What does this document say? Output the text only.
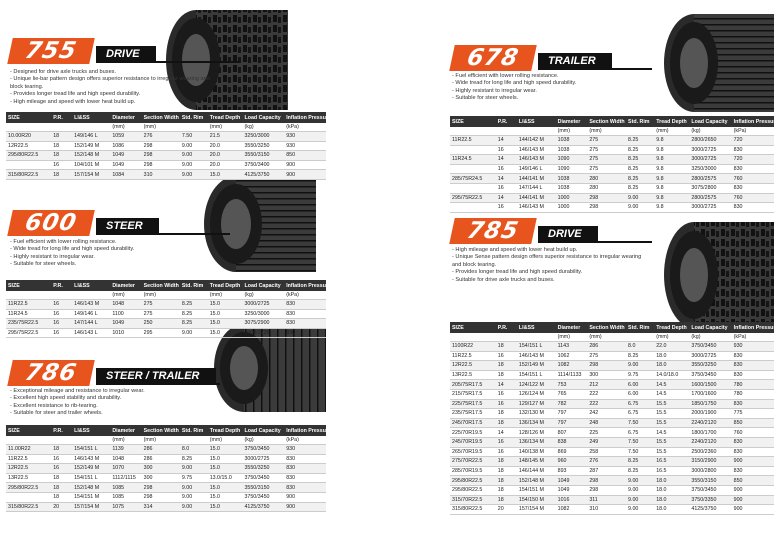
755	DRIVE
- Designed for drive axle trucks and buses.
- Unique lie-bar pattern design offers superior resistance to irregular wearing and block tearing.
- Provides longer tread life and high speed durability.
- High mileage and speed with lower heat build up.
SIZE	P.R.	LI&SS	Diameter	Section Width	Std. Rim	Tread Depth	Load Capacity	Inflation Pressure
			(mm)	(mm)		(mm)	(kg)	(kPa)
10.00R20	18	149/146 L	1059	276	7.50	21.5	3250/3000	930
12R22.5	18	152/149 M	1086	298	9.00	20.0	3550/3250	930
295/80R22.5	18	152/148 M	1049	298	9.00	20.0	3550/3150	850
	16	104/101 M	1049	298	9.00	20.0	3750/3400	900
315/80R22.5	18	157/154 M	1084	310	9.00	15.0	4125/3750	900
600	STEER
- Fuel efficient with lower rolling resistance.
- Wide tread for long life and high speed durability.
- Highly resistant to irregular wear.
- Suitable for steer wheels.
SIZE	P.R.	LI&SS	Diameter	Section Width	Std. Rim	Tread Depth	Load Capacity	Inflation Pressure
			(mm)	(mm)		(mm)	(kg)	(kPa)
11R22.5	16	146/143 M	1048	275	8.25	15.0	3000/2725	830
11R24.5	16	149/146 L	1100	275	8.25	15.0	3250/3000	830
235/75R22.5	16	147/144 L	1049	250	8.25	15.0	3075/2900	830
295/75R22.5	16	146/143 L	1010	295	9.00	15.0	3000/2725	830
786	STEER / TRAILER
- Exceptional mileage and resistance to irregular wear.
- Excellent high speed stability and durability.
- Excellent resistance to rib-tearing.
- Suitable for steer and trailer wheels.
SIZE	P.R.	LI&SS	Diameter	Section Width	Std. Rim	Tread Depth	Load Capacity	Inflation Pressure
			(mm)	(mm)		(mm)	(kg)	(kPa)
11.00R22	18	154/151 L	1139	286	8.0	15.0	3750/3450	930
11R22.5	16	146/143 M	1048	286	8.25	15.0	3000/2725	830
12R22.5	16	152/149 M	1070	300	9.00	15.0	3550/3250	830
13R22.5	18	154/151 L	1112/1115	300	9.75	13.0/15.0	3750/3450	830
295/80R22.5	18	152/148 M	1085	298	9.00	15.0	3550/3150	830
	18	154/151 M	1085	298	9.00	15.0	3750/3450	900
315/80R22.5	20	157/154 M	1075	314	9.00	15.0	4125/3750	900
678	TRAILER
- Fuel efficient with lower rolling resistance.
- Wide tread for long life and high speed durability.
- Highly resistant to irregular wear.
- Suitable for steer wheels.
SIZE	P.R.	LI&SS	Diameter	Section Width	Std. Rim	Tread Depth	Load Capacity	Inflation Pressure
			(mm)	(mm)		(mm)	(kg)	(kPa)
11R22.5	14	144/142 M	1038	275	8.25	9.8	2800/2650	720
	16	146/143 M	1038	275	8.25	9.8	3000/2725	830
11R24.5	14	146/143 M	1090	275	8.25	9.8	3000/2725	720
	16	149/146 L	1090	275	8.25	9.8	3250/3000	830
285/75R24.5	14	144/141 M	1038	280	8.25	9.8	2800/2575	760
	16	147/144 L	1038	280	8.25	9.8	3075/2800	830
295/75R22.5	14	144/141 M	1000	298	9.00	9.8	2800/2575	760
	16	146/143 M	1000	298	9.00	9.8	3000/2725	830
785	DRIVE
- High mileage and speed with lower heat build up.
- Unique Sense pattern design offers superior resistance to irregular wearing and block tearing.
- Provides longer tread life and high speed durability.
- Suitable for drive axle trucks and buses.
SIZE	P.R.	LI&SS	Diameter	Section Width	Std. Rim	Tread Depth	Load Capacity	Inflation Pressure
			(mm)	(mm)		(mm)	(kg)	(kPa)
1100R22	18	154/151 L	1143	286	8.0	22.0	3750/3450	930
11R22.5	16	146/143 M	1062	275	8.25	18.0	3000/2725	830
12R22.5	18	152/149 M	1082	298	9.00	18.0	3550/3250	830
13R22.5	18	154/151 L	1114/1133	300	9.75	14.0/18.0	3750/3450	830
205/75R17.5	14	124/122 M	753	212	6.00	14.5	1600/1500	780
215/75R17.5	16	126/124 M	765	222	6.00	14.5	1700/1600	780
225/75R17.5	16	129/127 M	782	222	6.75	15.5	1850/1750	830
235/75R17.5	18	132/130 M	797	242	6.75	15.5	2000/1900	775
245/70R17.5	18	136/134 M	797	248	7.50	15.5	2240/2120	850
225/70R19.5	14	128/126 M	807	225	6.75	14.5	1800/1700	760
245/70R19.5	16	136/134 M	838	249	7.50	15.5	2240/2120	830
265/70R19.5	16	140/138 M	869	258	7.50	15.5	2500/2360	830
275/70R22.5	18	148/145 M	960	276	8.25	16.5	3150/2900	900
285/70R19.5	18	146/144 M	893	287	8.25	16.5	3000/2800	830
295/80R22.5	18	152/148 M	1049	298	9.00	18.0	3550/3150	850
295/80R22.5	18	154/151 M	1049	298	9.00	18.0	3750/3450	900
315/70R22.5	18	154/150 M	1016	311	9.00	18.0	3750/3350	900
315/80R22.5	20	157/154 M	1082	310	9.00	18.0	4125/3750	900
